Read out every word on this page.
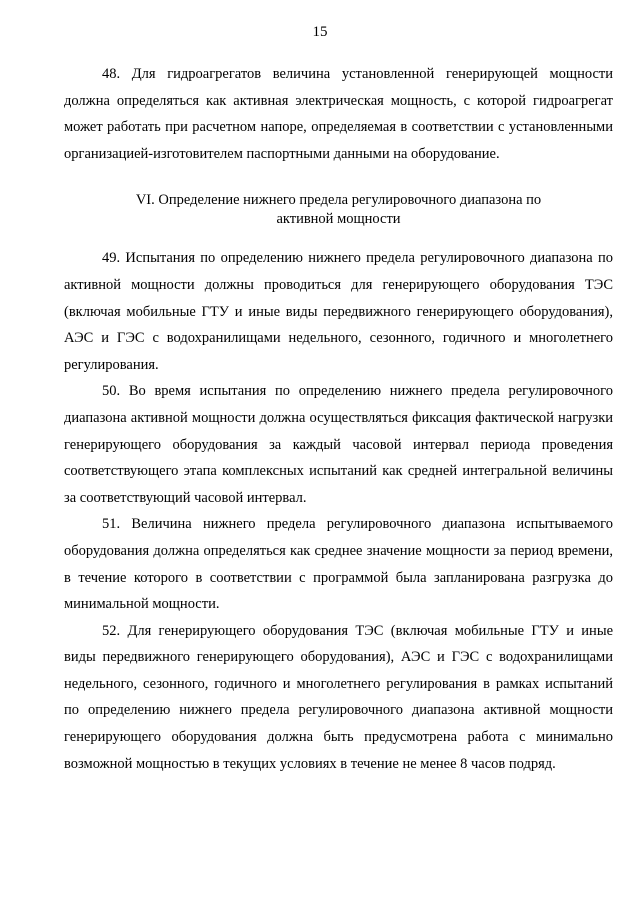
15

48. Для гидроагрегатов величина установленной генерирующей мощности должна определяться как активная электрическая мощность, с которой гидроагрегат может работать при расчетном напоре, определяемая в соответствии с установленными организацией-изготовителем паспортными данными на оборудование.

VI. Определение нижнего предела регулировочного диапазона по активной мощности

49. Испытания по определению нижнего предела регулировочного диапазона по активной мощности должны проводиться для генерирующего оборудования ТЭС (включая мобильные ГТУ и иные виды передвижного генерирующего оборудования), АЭС и ГЭС с водохранилищами недельного, сезонного, годичного и многолетнего регулирования.

50. Во время испытания по определению нижнего предела регулировочного диапазона активной мощности должна осуществляться фиксация фактической нагрузки генерирующего оборудования за каждый часовой интервал периода проведения соответствующего этапа комплексных испытаний как средней интегральной величины за соответствующий часовой интервал.

51. Величина нижнего предела регулировочного диапазона испытываемого оборудования должна определяться как среднее значение мощности за период времени, в течение которого в соответствии с программой была запланирована разгрузка до минимальной мощности.

52. Для генерирующего оборудования ТЭС (включая мобильные ГТУ и иные виды передвижного генерирующего оборудования), АЭС и ГЭС с водохранилищами недельного, сезонного, годичного и многолетнего регулирования в рамках испытаний по определению нижнего предела регулировочного диапазона активной мощности генерирующего оборудования должна быть предусмотрена работа с минимально возможной мощностью в текущих условиях в течение не менее 8 часов подряд.
